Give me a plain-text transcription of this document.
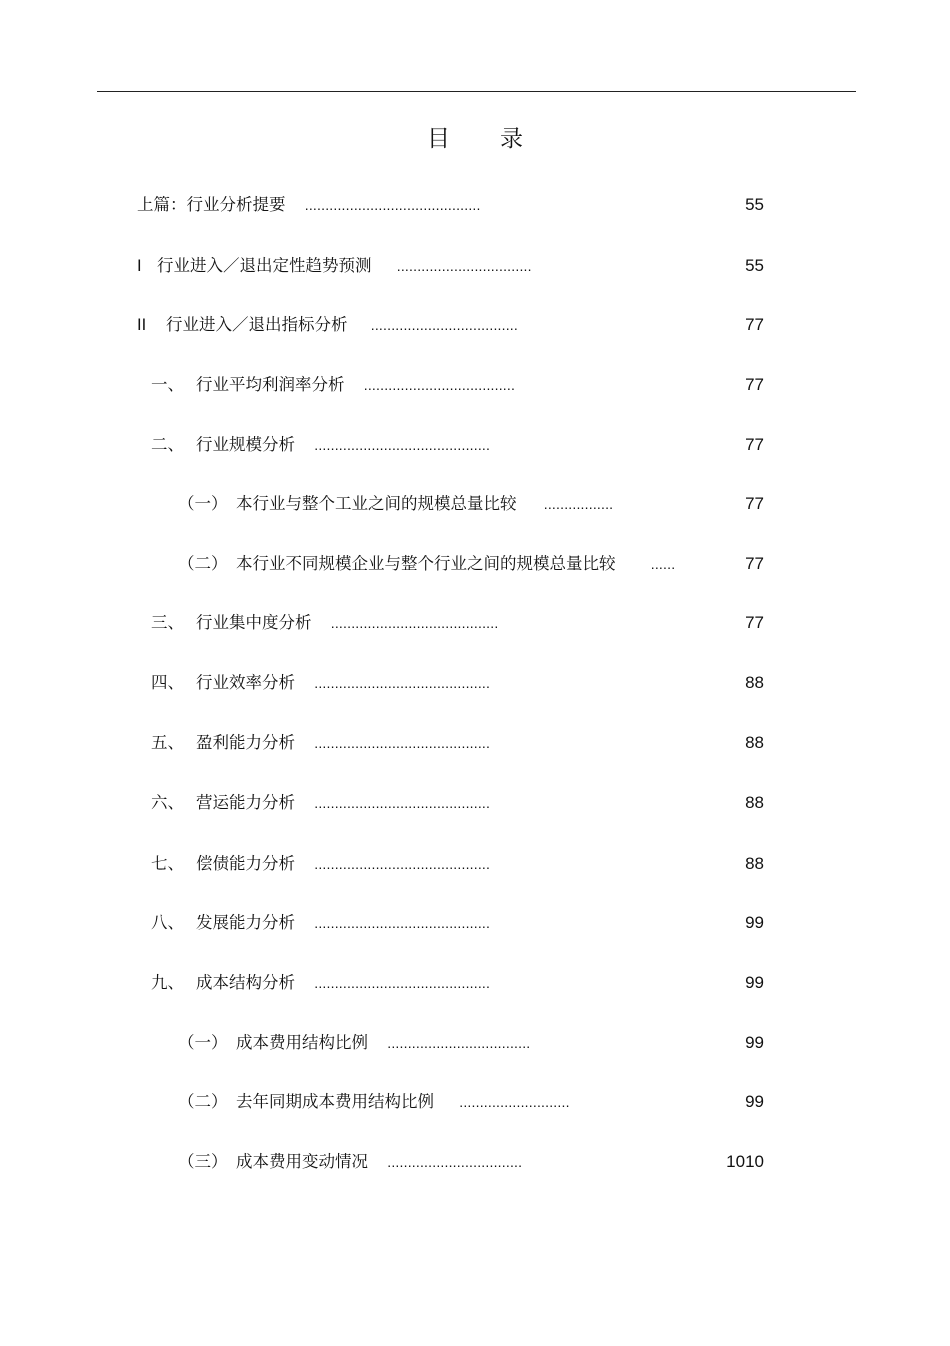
目 录
上篇：行业分析提要 ...........................................	55
I 行业进入／退出定性趋势预测 .................................	55
II 行业进入／退出指标分析 ....................................	77
一、 行业平均利润率分析 .....................................	77
二、 行业规模分析 ...........................................	77
（一） 本行业与整个工业之间的规模总量比较 .................	77
（二） 本行业不同规模企业与整个行业之间的规模总量比较	......	77
三、 行业集中度分析 .........................................	77
四、 行业效率分析 ...........................................	88
五、 盈利能力分析 ...........................................	88
六、 营运能力分析 ...........................................	88
七、 偿债能力分析 ...........................................	88
八、 发展能力分析 ...........................................	99
九、 成本结构分析 ...........................................	99
（一） 成本费用结构比例 ...................................	99
（二） 去年同期成本费用结构比例 ...........................	99
（三） 成本费用变动情况 .................................	1010
